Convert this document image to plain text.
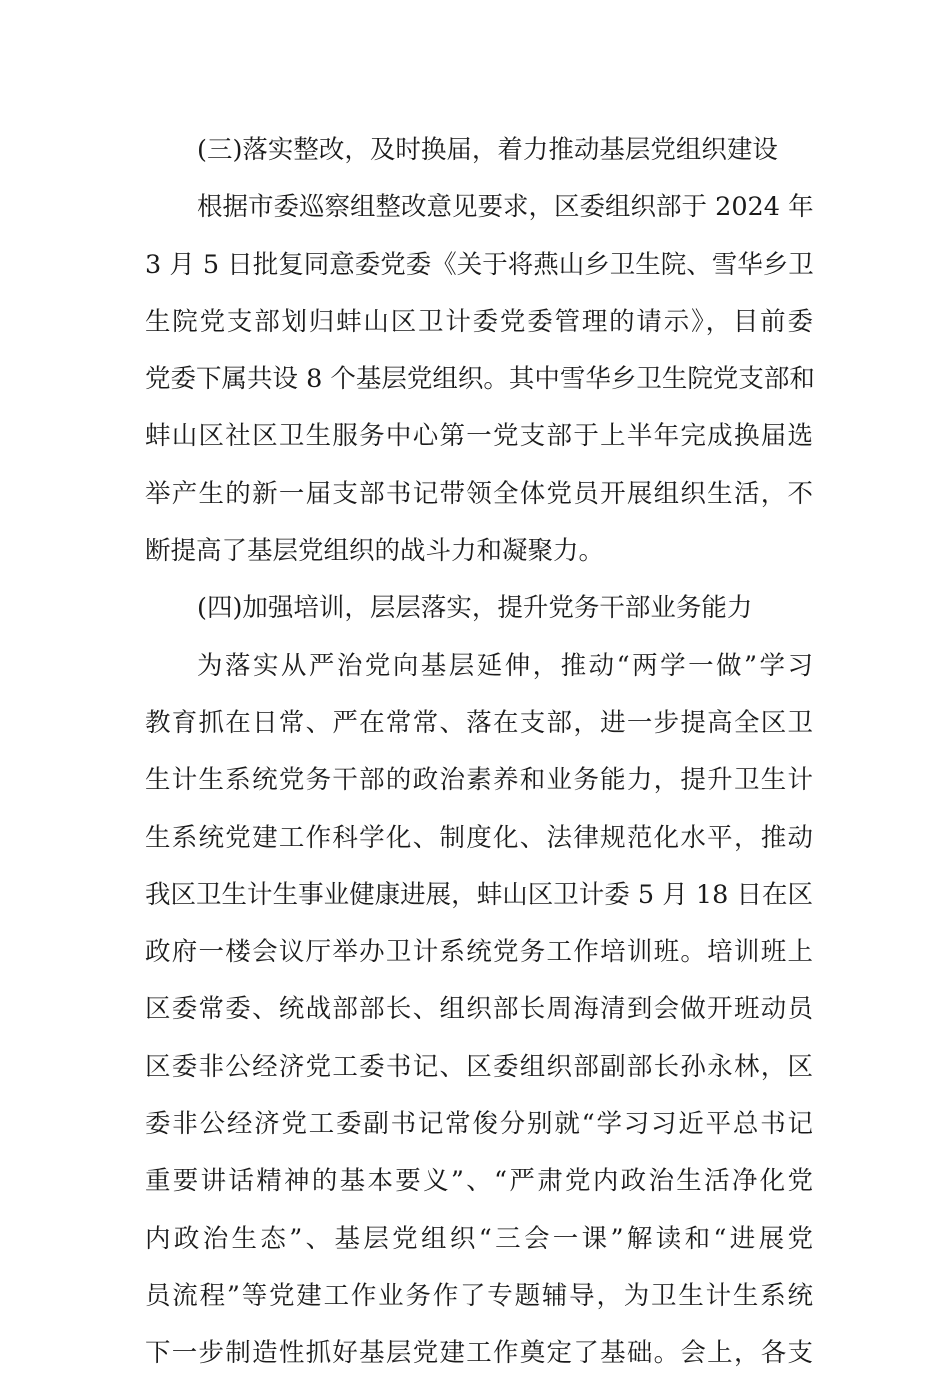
(三)落实整改，及时换届，着力推动基层党组织建设
根据市委巡察组整改意见要求，区委组织部于 2024 年
3 月 5 日批复同意委党委《关于将燕山乡卫生院、雪华乡卫
生院党支部划归蚌山区卫计委党委管理的请示》，目前委
党委下属共设 8 个基层党组织。其中雪华乡卫生院党支部和
蚌山区社区卫生服务中心第一党支部于上半年完成换届选
举产生的新一届支部书记带领全体党员开展组织生活，不
断提高了基层党组织的战斗力和凝聚力。
(四)加强培训，层层落实，提升党务干部业务能力
为落实从严治党向基层延伸，推动“两学一做”学习
教育抓在日常、严在常常、落在支部，进一步提高全区卫
生计生系统党务干部的政治素养和业务能力，提升卫生计
生系统党建工作科学化、制度化、法律规范化水平，推动
我区卫生计生事业健康进展，蚌山区卫计委 5 月 18 日在区
政府一楼会议厅举办卫计系统党务工作培训班。培训班上
区委常委、统战部部长、组织部长周海清到会做开班动员
区委非公经济党工委书记、区委组织部副部长孙永林，区
委非公经济党工委副书记常俊分别就“学习习近平总书记
重要讲话精神的基本要义”、“严肃党内政治生活净化党
内政治生态”、基层党组织“三会一课”解读和“进展党
员流程”等党建工作业务作了专题辅导，为卫生计生系统
下一步制造性抓好基层党建工作奠定了基础。会上，各支
